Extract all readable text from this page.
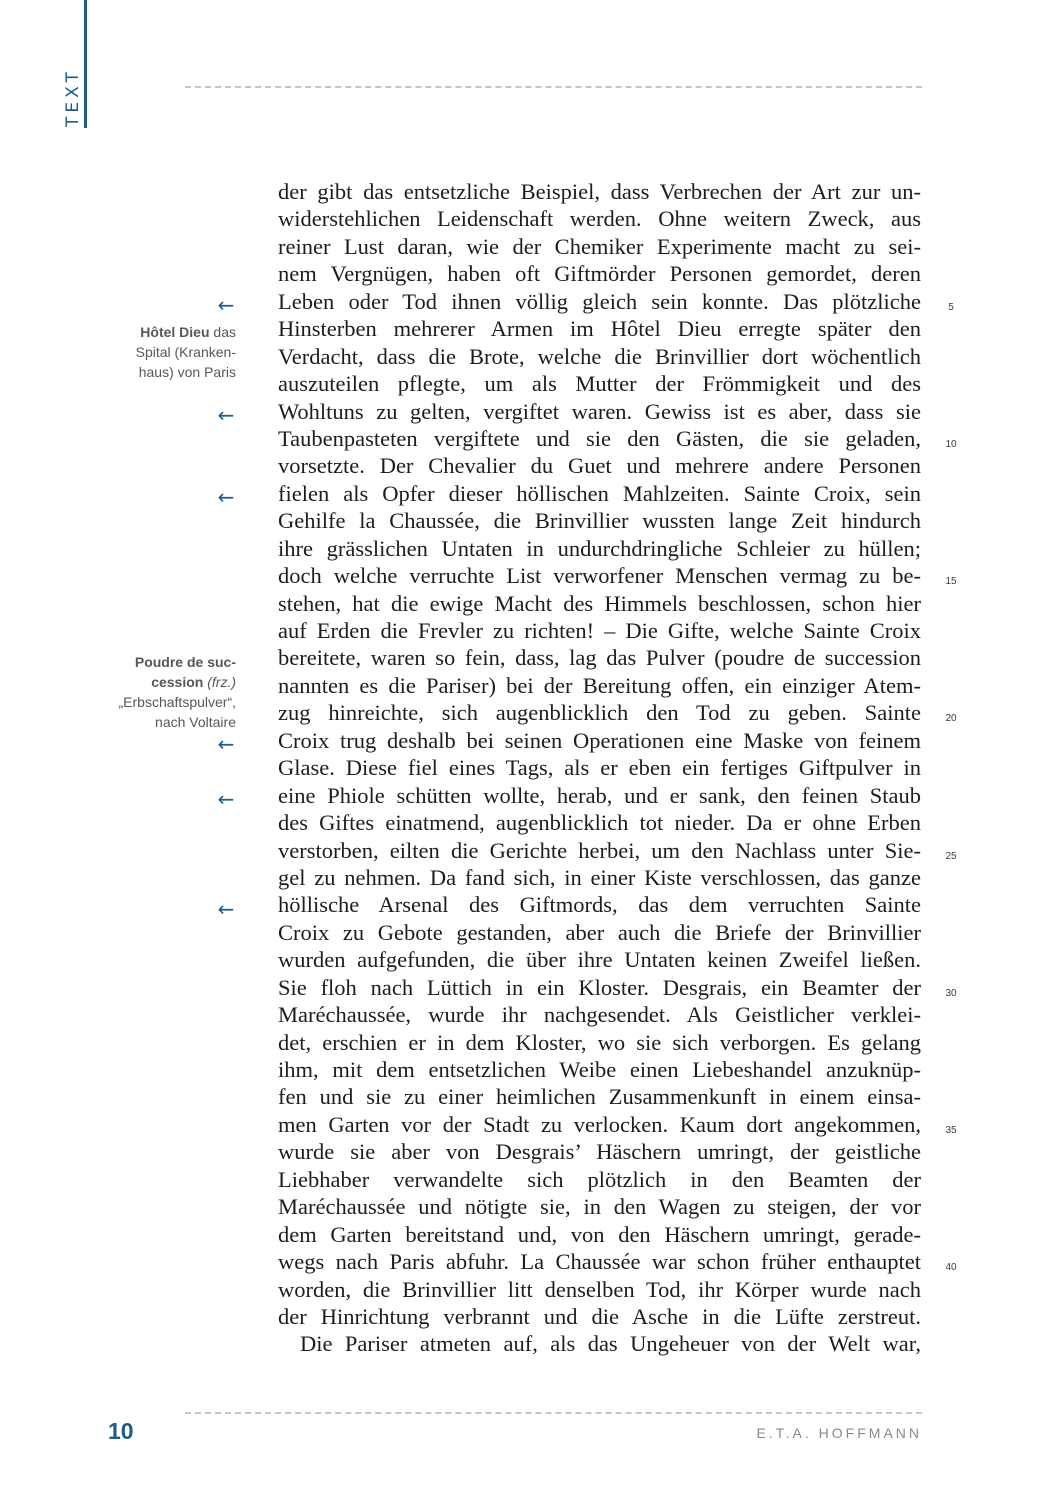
TEXT
←
←
←
←
←
←
Hôtel Dieu das
Spital (Kranken-
haus) von Paris
Poudre de suc-
cession (frz.)
„Erbschaftspulver“,
nach Voltaire
der gibt das entsetzliche Beispiel, dass Verbrechen der Art zur un-
widerstehlichen Leidenschaft werden. Ohne weitern Zweck, aus
reiner Lust daran, wie der Chemiker Experimente macht zu sei-
nem Vergnügen, haben oft Giftmörder Personen gemordet, deren
Leben oder Tod ihnen völlig gleich sein konnte. Das plötzliche
Hinsterben mehrerer Armen im Hôtel Dieu erregte später den
Verdacht, dass die Brote, welche die Brinvillier dort wöchentlich
auszuteilen pflegte, um als Mutter der Frömmigkeit und des
Wohltuns zu gelten, vergiftet waren. Gewiss ist es aber, dass sie
Taubenpasteten vergiftete und sie den Gästen, die sie geladen,
vorsetzte. Der Chevalier du Guet und mehrere andere Personen
fielen als Opfer dieser höllischen Mahlzeiten. Sainte Croix, sein
Gehilfe la Chaussée, die Brinvillier wussten lange Zeit hindurch
ihre grässlichen Untaten in undurchdringliche Schleier zu hüllen;
doch welche verruchte List verworfener Menschen vermag zu be-
stehen, hat die ewige Macht des Himmels beschlossen, schon hier
auf Erden die Frevler zu richten! – Die Gifte, welche Sainte Croix
bereitete, waren so fein, dass, lag das Pulver (poudre de succession
nannten es die Pariser) bei der Bereitung offen, ein einziger Atem-
zug hinreichte, sich augenblicklich den Tod zu geben. Sainte
Croix trug deshalb bei seinen Operationen eine Maske von feinem
Glase. Diese fiel eines Tags, als er eben ein fertiges Giftpulver in
eine Phiole schütten wollte, herab, und er sank, den feinen Staub
des Giftes einatmend, augenblicklich tot nieder. Da er ohne Erben
verstorben, eilten die Gerichte herbei, um den Nachlass unter Sie-
gel zu nehmen. Da fand sich, in einer Kiste verschlossen, das ganze
höllische Arsenal des Giftmords, das dem verruchten Sainte
Croix zu Gebote gestanden, aber auch die Briefe der Brinvillier
wurden aufgefunden, die über ihre Untaten keinen Zweifel ließen.
Sie floh nach Lüttich in ein Kloster. Desgrais, ein Beamter der
Maréchaussée, wurde ihr nachgesendet. Als Geistlicher verklei-
det, erschien er in dem Kloster, wo sie sich verborgen. Es gelang
ihm, mit dem entsetzlichen Weibe einen Liebeshandel anzuknüp-
fen und sie zu einer heimlichen Zusammenkunft in einem einsa-
men Garten vor der Stadt zu verlocken. Kaum dort angekommen,
wurde sie aber von Desgrais’ Häschern umringt, der geistliche
Liebhaber verwandelte sich plötzlich in den Beamten der
Maréchaussée und nötigte sie, in den Wagen zu steigen, der vor
dem Garten bereitstand und, von den Häschern umringt, gerade-
wegs nach Paris abfuhr. La Chaussée war schon früher enthauptet
worden, die Brinvillier litt denselben Tod, ihr Körper wurde nach
der Hinrichtung verbrannt und die Asche in die Lüfte zerstreut.
Die Pariser atmeten auf, als das Ungeheuer von der Welt war,
5
10
15
20
25
30
35
40
10	E.T.A. HOFFMANN
